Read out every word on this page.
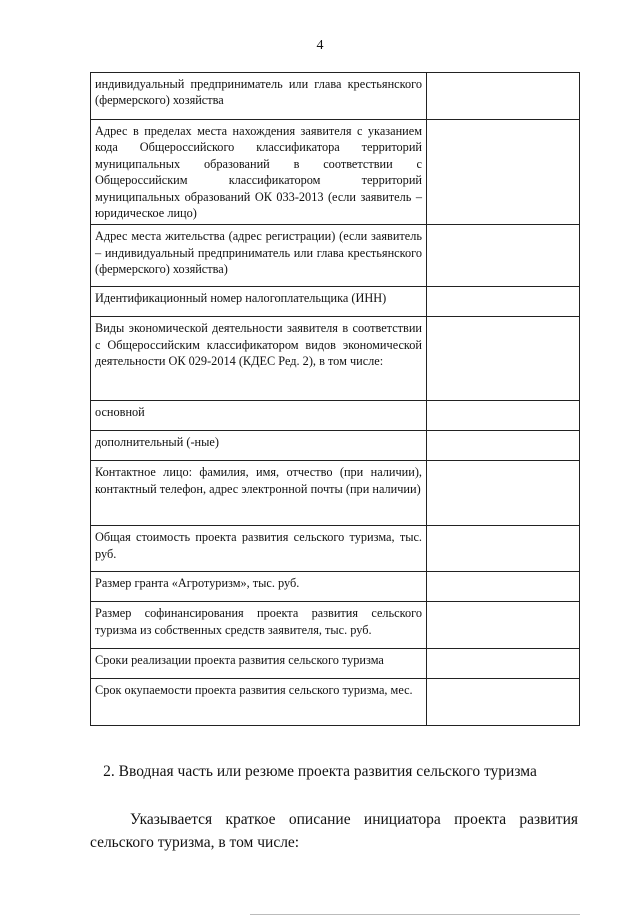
4
индивидуальный предприниматель или глава крестьянского (фермерского) хозяйства	
Адрес в пределах места нахождения заявителя с указанием кода Общероссийского классификатора территорий муниципальных образований в соответствии с Общероссийским классификатором территорий муниципальных образований ОК 033-2013 (если заявитель – юридическое лицо)	
Адрес места жительства (адрес регистрации) (если заявитель – индивидуальный предприниматель или глава крестьянского (фермерского) хозяйства)	
Идентификационный номер налогоплательщика (ИНН)	
Виды экономической деятельности заявителя в соответствии с Общероссийским классификатором видов экономической деятельности ОК 029-2014 (КДЕС Ред. 2), в том числе:	
основной	
дополнительный (-ные)	
Контактное лицо: фамилия, имя, отчество (при наличии), контактный телефон, адрес электронной почты (при наличии)	
Общая стоимость проекта развития сельского туризма, тыс. руб.	
Размер гранта «Агротуризм», тыс. руб.	
Размер софинансирования проекта развития сельского туризма из собственных средств заявителя, тыс. руб.	
Сроки реализации проекта развития сельского туризма	
Срок окупаемости проекта развития сельского туризма, мес.	
2. Вводная часть или резюме проекта развития сельского туризма
Указывается краткое описание инициатора проекта развития сельского туризма, в том числе:
